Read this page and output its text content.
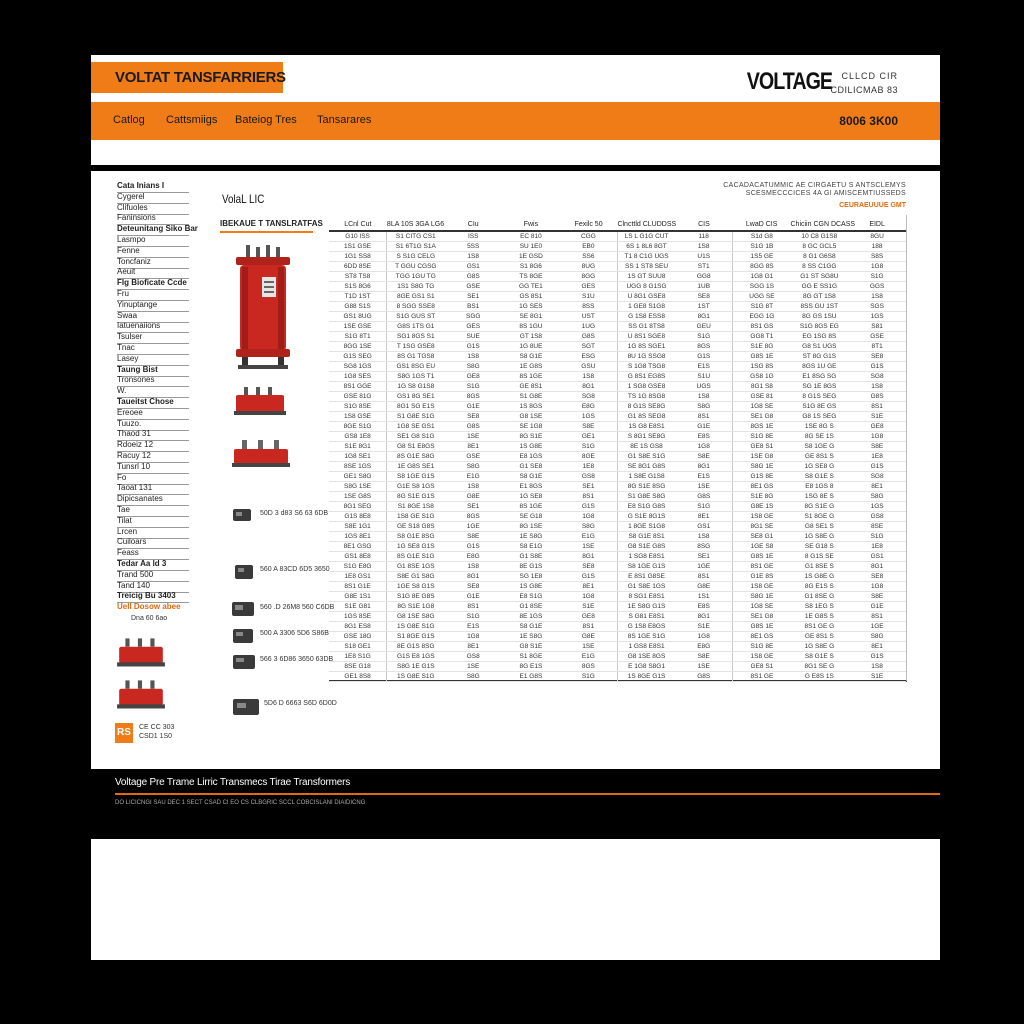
VOLTAT TANSFARRIERS	VOLTAGE CLLCD CIR
CDILICMAB 83
Catlog Cattsmiigs Bateiog Tres Tansarares	8006 3K00
Cata Inians I
Cygerel
Clifuoles
Faninsions
Deteunitang Siko Bar
Lasmpo
Fenne
Toncfaniz
Aeuit
FIg Bioficate Ccde
Fru
Yinuptange
Swaa
Iatuenaiions
Tsulser
Tnac
Lasey
Taung Bist
Tronsones
W.
Taueitst Chose
Ereoee
Tuuzo.
Thaod 31
Rdoeiz 12
Racuy 12
Tunsrl 10
Fo
Taoat 131
Dipicsanates
Tae
Tilat
Lrcen
Cuiloars
Feass
Tedar Aa ld 3
Trand 500
Tand 140
Treicig Bu 3403
Uell Dosow abee
Dna 60 6ao
RS CE CC 303 CSD1 1S0
VolaL LIC
CACADACATUMMIC AE CIRGAETU S ANTSCLEMYS
SCESMECCCICES 4A GI AMISCEMTIUSSEDS
CEURAEUUUE GMT
IBEKAUE T TANSLRATFAS
50D 3 d83 S6 63 6DB
560 A 83CD 6D5 3650
560 .D 26M8 560 C6DB
500 A 3306 5D6 S86B
566 3 6D86 3650 63DB
5D6 D 6663 S6D 6D0D
LCnl Cut	8LA 10S 3GA LG6	CIu	Fwis	Fexilc 50	Clncttld CLUDDSS	CIS	LwaD CIS	Chiciin CGN DCASS	EIDL
G10 ISS	S1 CITG CS1	ISS	EC 810	CGG	LS L G1G CUT	118	S1d G8	10 C8 G1S8	8GU
1S1 GSE	S1 6T1G S1A	5SS	SU 1E0	EB0	6S 1 8L6 8GT	1S8	S1G 1B	8 GC GCL5	188
1G1 SS8	S S1G CELG	1S8	1E GSD	SS6	T1 8 C1G UGS	U1S	1S5 GE	8 G1 G6S8	S8S
6DD 8SE	T GGU CGSG	GS1	S1 8G6	8UG	SS 1 ST8 SEU	ST1	8GG 8S	8 SS C1GG	1G8
ST8 TS8	TGG 1GU TG	G8S	TS 8GE	8GG	1S GT SUU8	GG8	1G8 G1	G1 ST SG8U	S1G
S1S 8G6	1S1 S8G TG	GSE	GG TE1	GES	UGG 8 G1SG	1UB	SGG 1S	GG E SS1G	GGS
T1D 1ST	8GE GS1 S1	SE1	GS 8S1	S1U	U 8G1 GSE8	SE8	UGG SE	8G GT 1S8	1S8
G88 S1S	8 SGG SSE8	BS1	1G SES	8SS	1 GE8 S1G8	1ST	S1G 8T	8SS GU 1ST	SGS
GS1 8UG	S1G GUS ST	SGG	SE 8G1	UST	G 1S8 ESS8	8G1	EGG 1G	8G GS 1SU	1GS
1SE GSE	G8S 1TS G1	GES	8S 1GU	1UG	SS G1 8TS8	GEU	8S1 GS	S1G 8GS EG	S81
S1G 8T1	SG1 8GS S1	SUE	GT 1S8	G8S	U 8S1 SGE8	S1G	GG8 T1	EG 1SG 8S	GSE
8GG 1SE	T 1SG GSE8	G1S	1G 8UE	SGT	1G 8S SGE1	8GS	S1E 8G	G8 S1 UGS	8T1
G1S SEG	8S G1 TGS8	1S8	S8 G1E	ESG	8U 1G SSG8	G1S	G8S 1E	ST 8G G1S	SE8
SG8 1GS	GS1 8SG EU	S8G	1E G8S	GSU	S 1G8 TSG8	E1S	1SG 8S	8GS 1U GE	G1S
1G8 SES	S8G 1GS T1	GE8	8S 1GE	1S8	G 8S1 EG8S	S1U	GS8 1G	E1 8SG SG	SG8
8S1 GGE	1G S8 G1S8	S1G	GE 8S1	8G1	1 SG8 GSE8	UGS	8G1 S8	SG 1E 8GS	1S8
GSE 81G	GS1 8G SE1	8GS	S1 G8E	SG8	TS 1G 8SG8	1S8	GSE 81	8 G1S SEG	G8S
S1G 8SE	8G1 SG E1S	G1E	1S 8GS	E8G	8 G1S SE8G	S8G	1G8 SE	S1G 8E GS	8S1
1S8 GSE	S1 G8E S1G	SE8	G8 1SE	1GS	G1 8S SEG8	8S1	SE1 G8	G8 1S SEG	S1E
8GE S1G	1G8 SE GS1	G8S	SE 1G8	S8E	1S G8 E8S1	G1E	8GS 1E	1SE 8G S	GE8
GS8 1E8	SE1 G8 S1G	1SE	8G S1E	GE1	S 8G1 SE8G	E8S	S1G 8E	8G SE 1S	1G8
S1E 8G1	G8 S1 E8GS	8E1	1S G8E	S1G	8E 1S GS8	1G8	GE8 S1	S8 1GE G	S8E
1G8 SE1	8S G1E S8G	GSE	E8 1GS	8GE	G1 S8E S1G	S8E	1SE G8	GE 8S1 S	1E8
8SE 1GS	1E G8S SE1	S8G	G1 SE8	1E8	SE 8G1 G8S	8G1	S8G 1E	1G SE8 G	G1S
GE1 S8G	S8 1GE G1S	E1G	S8 G1E	GS8	1 S8E G1S8	E1S	G1S 8E	S8 G1E S	SG8
S8G 1SE	G1E S8 1GS	1S8	E1 8GS	SE1	8G S1E 8SG	1SE	8E1 GS	E8 1GS 8	8E1
1SE G8S	8G S1E G1S	G8E	1G SE8	8S1	S1 G8E S8G	G8S	S1E 8G	1SG 8E S	S8G
8G1 SEG	S1 8GE 1S8	SE1	8S 1GE	G1S	E8 S1G G8S	S1G	G8E 1S	8G S1E G	1GS
G1S 8E8	1S8 GE S1G	8GS	SE G18	1G8	G S1E 8G1S	8E1	1S8 GE	S1 8GE G	GS8
S8E 1G1	GE S18 G8S	1GE	8G 1SE	S8G	1 8GE S1G8	GS1	8G1 SE	G8 SE1 S	8SE
1GS 8E1	S8 G1E 8SG	S8E	1E S8G	E1G	S8 G1E 8S1	1S8	SE8 G1	1G S8E G	S1G
8E1 GSG	1G SE8 G1S	G1S	S8 E1G	1SE	G8 S1E G8S	8SG	1GE S8	SE G18 S	1E8
GS1 8E8	8S G1E S1G	E8G	G1 S8E	8G1	1 SG8 E8S1	SE1	G8S 1E	8 G1S SE	GS1
S1G E8G	G1 8SE 1GS	1S8	8E G1S	SE8	S8 1GE G1S	1GE	8S1 GE	G1 8SE S	8G1
1E8 GS1	S8E G1 S8G	8G1	SG 1E8	G1S	E 8S1 G8SE	8S1	G1E 8S	1S G8E G	SE8
8S1 G1E	1GE S8 G1S	SE8	1S G8E	8E1	G1 S8E 1GS	G8E	1S8 GE	8G E1S S	1G8
G8E 1S1	S1G 8E G8S	G1E	E8 S1G	1G8	8 SG1 E8S1	1S1	S8G 1E	G1 8SE G	S8E
S1E G81	8G S1E 1G8	8S1	G1 8SE	S1E	1E S8G G1S	E8S	1G8 SE	S8 1EG S	G1E
1GS 8SE	G8 1SE S8G	S1G	8E 1GS	GE8	S G81 E8S1	8G1	SE1 G8	1E G8S S	8S1
8G1 ES8	1S G8E S1G	E1S	S8 G1E	8S1	G 1S8 E8GS	S1E	G8S 1E	8S1 GE G	1GE
GSE 18G	S1 8GE G1S	1G8	1E S8G	G8E	8S 1GE S1G	1G8	8E1 GS	GE 8S1 S	S8G
S18 GE1	8E G1S 8SG	8E1	G8 S1E	1SE	1 GS8 E8S1	E8G	S1G 8E	1G S8E G	8E1
1E8 S1G	G1S E8 1GS	GS8	S1 8GE	E1G	G8 1SE 8GS	S8E	1S8 GE	S8 G1E S	G1S
8SE G18	S8G 1E G1S	1SE	8G E1S	8GS	E 1G8 S8G1	1SE	GE8 S1	8G1 SE G	1S8
GE1 8S8	1S G8E S1G	S8G	E1 G8S	S1G	1S 8GE G1S	G8S	8S1 GE	G E8S 1S	S1E
Voltage Pre Trame Lirric Transmecs Tirae Transformers
DO LICICNGI SAU DEC 1 SECT CSAD CI EO CS CLBGRIC SCCL COBCISLANI DIAIDICNG
